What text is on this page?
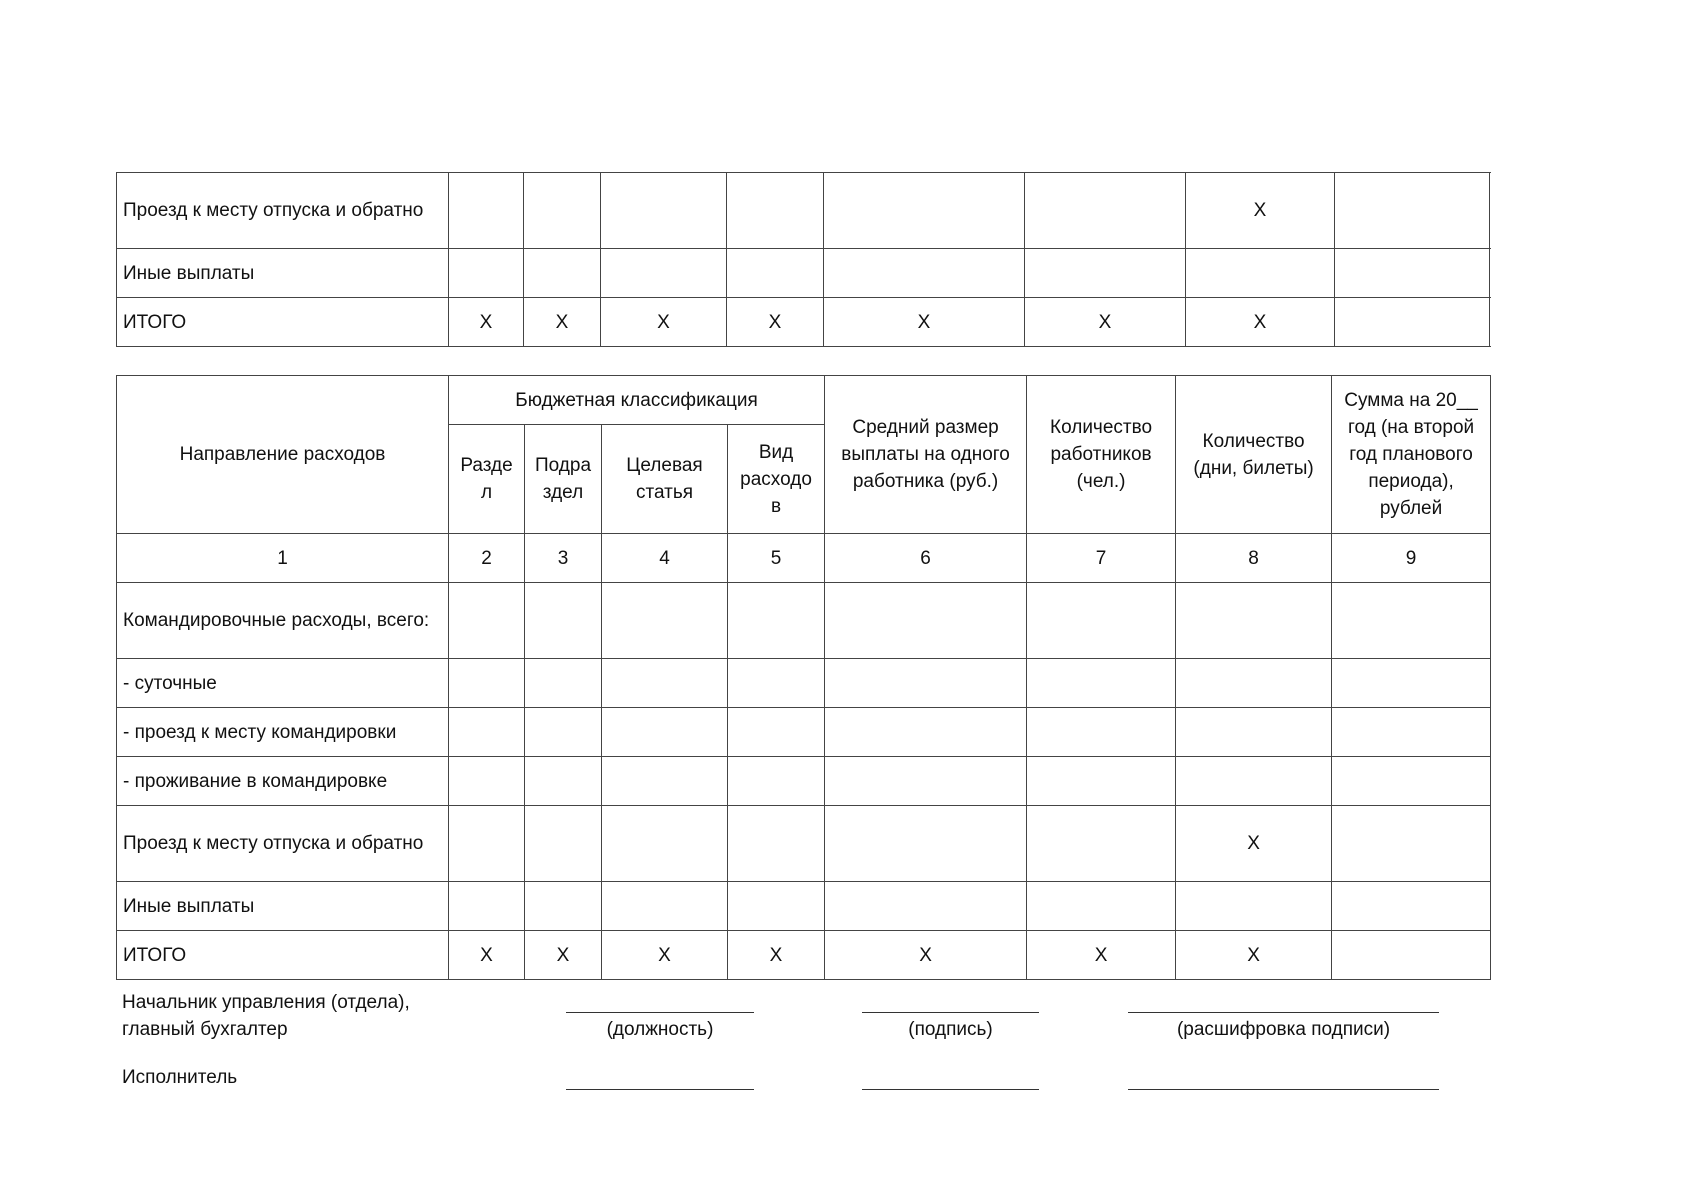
Проезд к месту отпуска и обратно							X	
Иные выплаты								
ИТОГО	X	X	X	X	X	X	X	
Направление расходов	Бюджетная классификация				Средний размер выплаты на одного работника (руб.)	Количество работников (чел.)	Количество (дни, билеты)	Сумма на 20__ год (на второй год планового периода), рублей
	Разде л	Подра здел	Целевая статья	Вид расходо в				
1	2	3	4	5	6	7	8	9
Командировочные расходы, всего:								
- суточные								
- проезд к месту командировки								
- проживание в командировке								
Проезд к месту отпуска и обратно							X	
Иные выплаты								
ИТОГО	X	X	X	X	X	X	X	
Начальник управления (отдела), главный бухгалтер	(должность)	(подпись)	(расшифровка подписи)
Исполнитель
